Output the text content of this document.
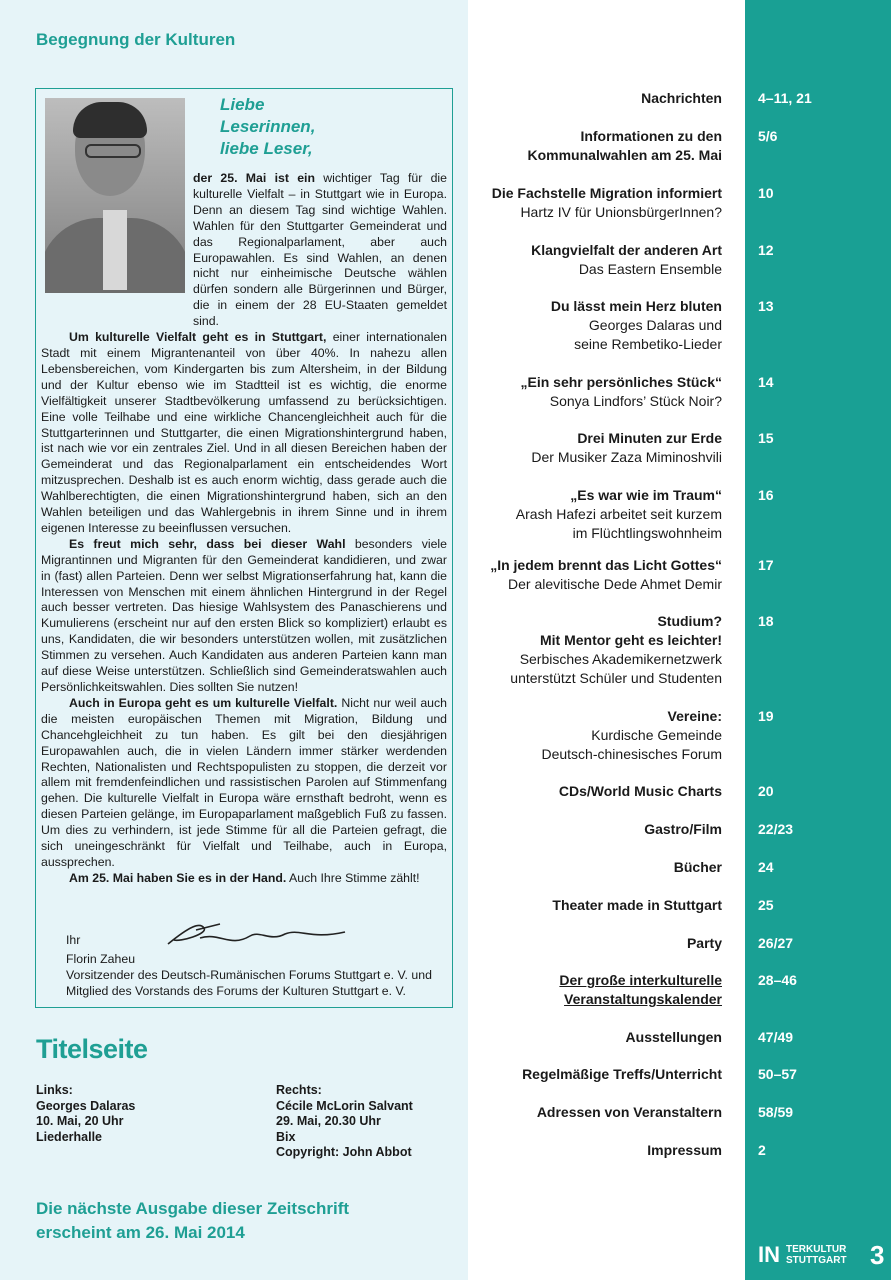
Begegnung der Kulturen
Liebe
Leserinnen,
liebe Leser,

der 25. Mai ist ein wichtiger Tag für die kulturelle Vielfalt – in Stuttgart wie in Europa. Denn an diesem Tag sind wichtige Wahlen. Wahlen für den Stuttgarter Gemeinderat und das Regionalparlament, aber auch Europawahlen. Es sind Wahlen, an denen nicht nur einheimische Deutsche wählen dürfen sondern alle Bürgerinnen und Bürger, die in einem der 28 EU-Staaten gemeldet sind.

Um kulturelle Vielfalt geht es in Stuttgart, einer internationalen Stadt mit einem Migrantenanteil von über 40%. In nahezu allen Lebensbereichen, vom Kindergarten bis zum Altersheim, in der Bildung und der Kultur ebenso wie im Stadtteil ist es wichtig, die enorme Vielfältigkeit unserer Stadtbevölkerung umfassend zu berücksichtigen. Eine volle Teilhabe und eine wirkliche Chancengleichheit auch für die Stuttgarterinnen und Stuttgarter, die einen Migrationshintergrund haben, ist nach wie vor ein zentrales Ziel. Und in all diesen Bereichen haben der Gemeinderat und das Regionalparlament ein entscheidendes Wort mitzusprechen. Deshalb ist es auch enorm wichtig, dass gerade auch die Wahlberechtigten, die einen Migrationshintergrund haben, sich an den Wahlen beteiligen und das Wahlergebnis in ihrem Sinne und in ihrem eigenen Interesse zu beeinflussen versuchen.

Es freut mich sehr, dass bei dieser Wahl besonders viele Migrantinnen und Migranten für den Gemeinderat kandidieren, und zwar in (fast) allen Parteien. Denn wer selbst Migrationserfahrung hat, kann die Interessen von Menschen mit einem ähnlichen Hintergrund in der Regel auch besser vertreten. Das hiesige Wahlsystem des Panaschierens und Kumulierens (erscheint nur auf den ersten Blick so kompliziert) erlaubt es uns, Kandidaten, die wir besonders unterstützen wollen, mit zusätzlichen Stimmen zu versehen. Auch Kandidaten aus anderen Parteien kann man auf diese Weise unterstützen. Schließlich sind Gemeinderatswahlen auch Persönlichkeitswahlen. Dies sollten Sie nutzen!

Auch in Europa geht es um kulturelle Vielfalt. Nicht nur weil auch die meisten europäischen Themen mit Migration, Bildung und Chancehgleichheit zu tun haben. Es gilt bei den diesjährigen Europawahlen auch, die in vielen Ländern immer stärker werdenden Rechten, Nationalisten und Rechtspopulisten zu stoppen, die derzeit vor allem mit fremdenfeindlichen und rassistischen Parolen auf Stimmenfang gehen. Die kulturelle Vielfalt in Europa wäre ernsthaft bedroht, wenn es diesen Parteien gelänge, im Europaparlament maßgeblich Fuß zu fassen. Um dies zu verhindern, ist jede Stimme für all die Parteien gefragt, die sich uneingeschränkt für Vielfalt und Teilhabe, auch in Europa, aussprechen.

Am 25. Mai haben Sie es in der Hand. Auch Ihre Stimme zählt!

Ihr
Florin Zaheu
Vorsitzender des Deutsch-Rumänischen Forums Stuttgart e. V. und
Mitglied des Vorstands des Forums der Kulturen Stuttgart e. V.
Titelseite
Links:
Georges Dalaras
10. Mai, 20 Uhr
Liederhalle
Rechts:
Cécile McLorin Salvant
29. Mai, 20.30 Uhr
Bix
Copyright: John Abbot
Die nächste Ausgabe dieser Zeitschrift
erscheint am 26. Mai 2014
Nachrichten	4–11, 21
Informationen zu den
Kommunalwahlen am 25. Mai
5/6
Die Fachstelle Migration informiert
Hartz IV für UnionsbürgerInnen?
10
Klangvielfalt der anderen Art
Das Eastern Ensemble
12
Du lässt mein Herz bluten
Georges Dalaras und
seine Rembetiko-Lieder
13
„Ein sehr persönliches Stück“
Sonya Lindfors’ Stück Noir?
14
Drei Minuten zur Erde
Der Musiker Zaza Miminoshvili
15
„Es war wie im Traum“
Arash Hafezi arbeitet seit kurzem
im Flüchtlingswohnheim
16
„In jedem brennt das Licht Gottes“
Der alevitische Dede Ahmet Demir
17
Studium?
Mit Mentor geht es leichter!
Serbisches Akademikernetzwerk
unterstützt Schüler und Studenten
18
Vereine:
Kurdische Gemeinde
Deutsch-chinesisches Forum
19
CDs/World Music Charts	20
Gastro/Film	22/23
Bücher	24
Theater made in Stuttgart	25
Party	26/27
Der große interkulturelle
Veranstaltungskalender
28–46
Ausstellungen	47/49
Regelmäßige Treffs/Unterricht	50–57
Adressen von Veranstaltern	58/59
Impressum	2
IN TERKULTUR
STUTTGART 3
